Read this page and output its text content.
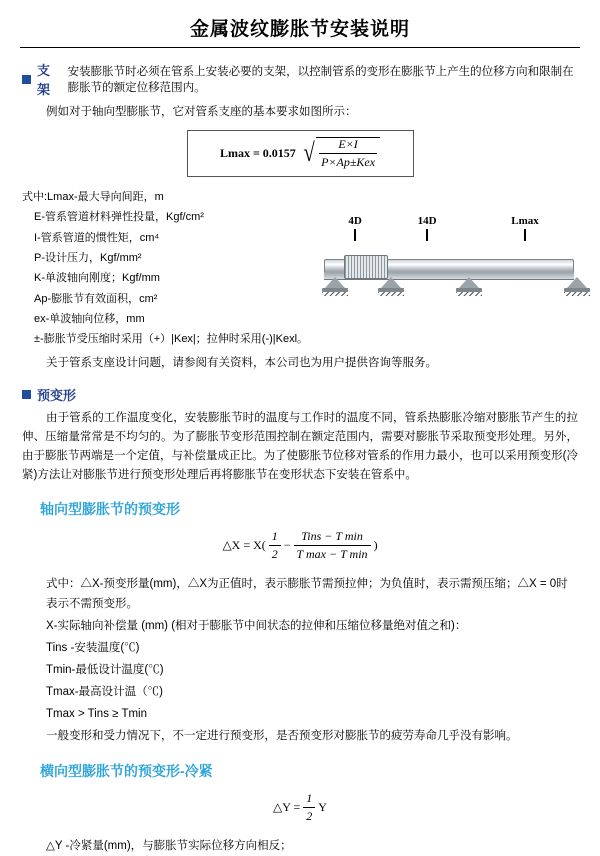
金属波纹膨胀节安装说明
支架
安装膨胀节时必须在管系上安装必要的支架，以控制管系的变形在膨胀节上产生的位移方向和限制在膨胀节的额定位移范围内。

例如对于轴向型膨胀节，它对管系支座的基本要求如图所示：

Lmax = 0.0157 √ $\frac{E\times I}{\text{P×Ap±Kex}}$
式中:Lmax-最大导向间距，m
E-管系管道材料弹性投量，Kgf/cm²
I-管系管道的惯性矩，cm⁴
P-设计压力，Kgf/mm²
K-单波轴向刚度；Kgf/mm
Ap-膨胀节有效面积，cm²
ex-单波轴向位移，mm
±-膨胀节受压缩时采用（+）|Kex|；拉伸时采用(-)|Kexl。
4D	14D	Lmax

关于管系支座设计问题，请参阅有关资料，本公司也为用户提供咨询等服务。

预变形

由于管系的工作温度变化，安装膨胀节时的温度与工作时的温度不同，管系热膨胀冷缩对膨胀节产生的拉伸、压缩量常常是不均匀的。为了膨胀节变形范围控制在额定范围内，需要对膨胀节采取预变形处理。另外，由于膨胀节两端是一个定值，与补偿量成正比。为了使膨胀节位移对管系的作用力最小，也可以采用预变形(冷紧)方法让对膨胀节进行预变形处理后再将膨胀节在变形状态下安装在管系中。

轴向型膨胀节的预变形
△X = $X( \frac{1}{2} - \frac{\text{Tins − T min}}{\text{T max − T min}}$ )
式中：△X-预变形量(mm)，△X为正值时，表示膨胀节需预拉伸；为负值时，表示需预压缩；△X = 0时表示不需预变形。
X-实际轴向补偿量 (mm) (相对于膨胀节中间状态的拉伸和压缩位移量绝对值之和)：
Tins -安装温度(℃)
Tmin-最低设计温度(℃)
Tmax-最高设计温（℃)
Tmax > Tins ≥ Tmin
一般变形和受力情况下，不一定进行预变形，是否预变形对膨胀节的疲劳寿命几乎没有影响。
横向型膨胀节的预变形-冷紧
△Y = $\frac{1}{2}$ Y
△Y -冷紧量(mm)，与膨胀节实际位移方向相反；
